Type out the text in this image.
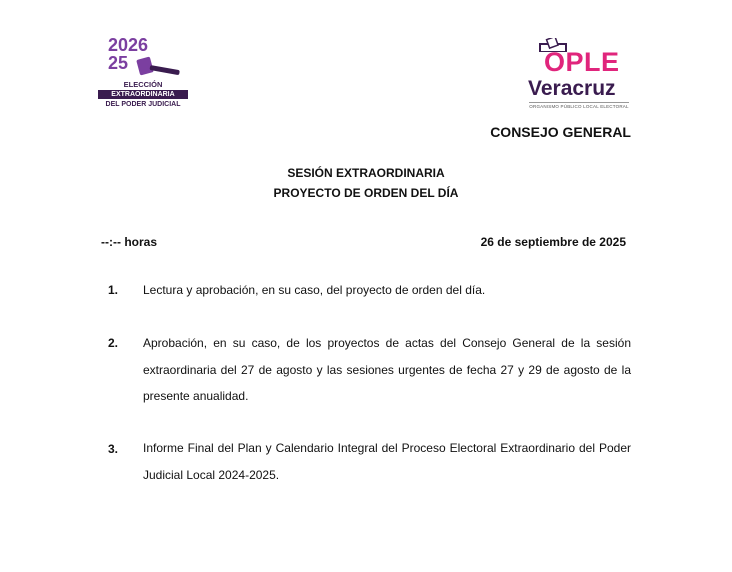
2026
25
ELECCIÓN
EXTRAORDINARIA
DEL PODER JUDICIAL
OPLE
Veracruz
ORGANISMO PÚBLICO LOCAL ELECTORAL
CONSEJO GENERAL
SESIÓN EXTRAORDINARIA
PROYECTO DE ORDEN DEL DÍA
--:-- horas	26 de septiembre de 2025
1. Lectura y aprobación, en su caso, del proyecto de orden del día.
2. Aprobación, en su caso, de los proyectos de actas del Consejo General de la sesión extraordinaria del 27 de agosto y las sesiones urgentes de fecha 27 y 29 de agosto de la presente anualidad.
3. Informe Final del Plan y Calendario Integral del Proceso Electoral Extraordinario del Poder Judicial Local 2024-2025.
